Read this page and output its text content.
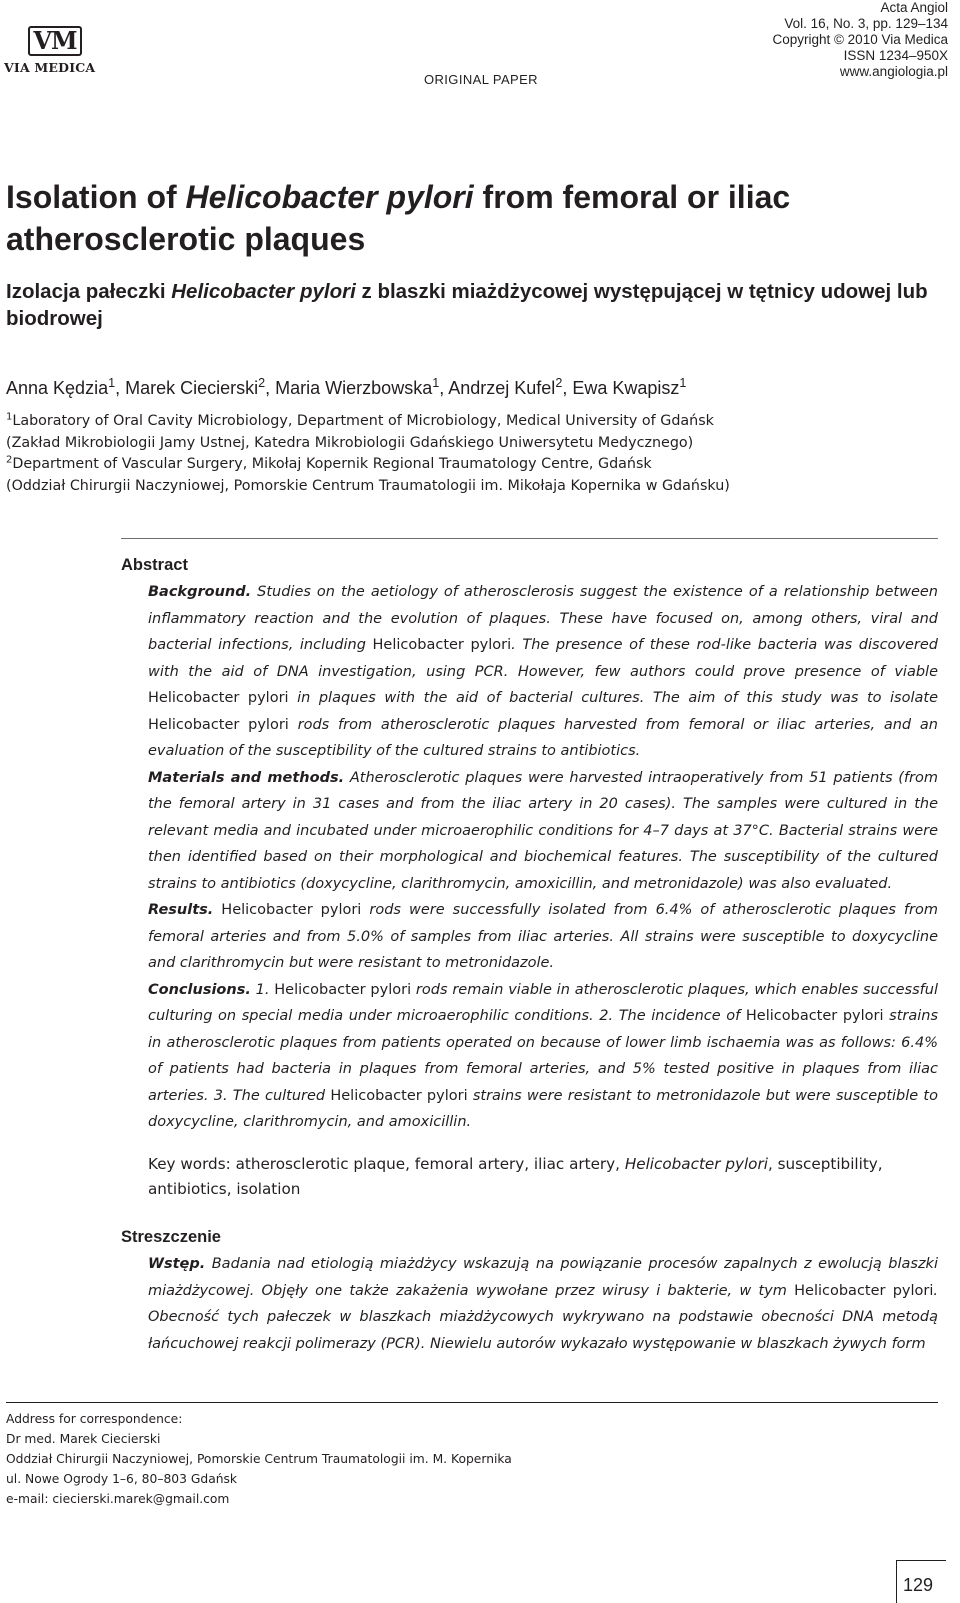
VM
VIA MEDICA
ORIGINAL PAPER
Acta Angiol
Vol. 16, No. 3, pp. 129–134
Copyright © 2010 Via Medica
ISSN 1234–950X
www.angiologia.pl
Isolation of Helicobacter pylori from femoral or iliac atherosclerotic plaques
Izolacja pałeczki Helicobacter pylori z blaszki miażdżycowej występującej w tętnicy udowej lub biodrowej
Anna Kędzia$^1$, Marek Ciecierski$^2$, Maria Wierzbowska$^1$, Andrzej Kufel$^2$, Ewa Kwapisz$^1$
$^1$Laboratory of Oral Cavity Microbiology, Department of Microbiology, Medical University of Gdańsk
(Zakład Mikrobiologii Jamy Ustnej, Katedra Mikrobiologii Gdańskiego Uniwersytetu Medycznego)
$^2$Department of Vascular Surgery, Mikołaj Kopernik Regional Traumatology Centre, Gdańsk
(Oddział Chirurgii Naczyniowej, Pomorskie Centrum Traumatologii im. Mikołaja Kopernika w Gdańsku)
Abstract

Background. Studies on the aetiology of atherosclerosis suggest the existence of a relationship between inflammatory reaction and the evolution of plaques. These have focused on, among others, viral and bacterial infections, including Helicobacter pylori. The presence of these rod-like bacteria was discovered with the aid of DNA investigation, using PCR. However, few authors could prove presence of viable Helicobacter pylori in plaques with the aid of bacterial cultures. The aim of this study was to isolate Helicobacter pylori rods from atherosclerotic plaques harvested from femoral or iliac arteries, and an evaluation of the susceptibility of the cultured strains to antibiotics.

Materials and methods. Atherosclerotic plaques were harvested intraoperatively from 51 patients (from the femoral artery in 31 cases and from the iliac artery in 20 cases). The samples were cultured in the relevant media and incubated under microaerophilic conditions for 4–7 days at 37°C. Bacterial strains were then identified based on their morphological and biochemical features. The susceptibility of the cultured strains to antibiotics (doxycycline, clarithromycin, amoxicillin, and metronidazole) was also evaluated.

Results. Helicobacter pylori rods were successfully isolated from 6.4% of atherosclerotic plaques from femoral arteries and from 5.0% of samples from iliac arteries. All strains were susceptible to doxycycline and clarithromycin but were resistant to metronidazole.

Conclusions. 1. Helicobacter pylori rods remain viable in atherosclerotic plaques, which enables successful culturing on special media under microaerophilic conditions. 2. The incidence of Helicobacter pylori strains in atherosclerotic plaques from patients operated on because of lower limb ischaemia was as follows: 6.4% of patients had bacteria in plaques from femoral arteries, and 5% tested positive in plaques from iliac arteries. 3. The cultured Helicobacter pylori strains were resistant to metronidazole but were susceptible to doxycycline, clarithromycin, and amoxicillin.

Key words: atherosclerotic plaque, femoral artery, iliac artery, Helicobacter pylori, susceptibility, antibiotics, isolation
Streszczenie

Wstęp. Badania nad etiologią miażdżycy wskazują na powiązanie procesów zapalnych z ewolucją blaszki miażdżycowej. Objęły one także zakażenia wywołane przez wirusy i bakterie, w tym Helicobacter pylori. Obecność tych pałeczek w blaszkach miażdżycowych wykrywano na podstawie obecności DNA metodą łańcuchowej reakcji polimerazy (PCR). Niewielu autorów wykazało występowanie w blaszkach żywych form

Address for correspondence:
Dr med. Marek Ciecierski
Oddział Chirurgii Naczyniowej, Pomorskie Centrum Traumatologii im. M. Kopernika
ul. Nowe Ogrody 1–6, 80–803 Gdańsk
e-mail: ciecierski.marek@gmail.com
129
